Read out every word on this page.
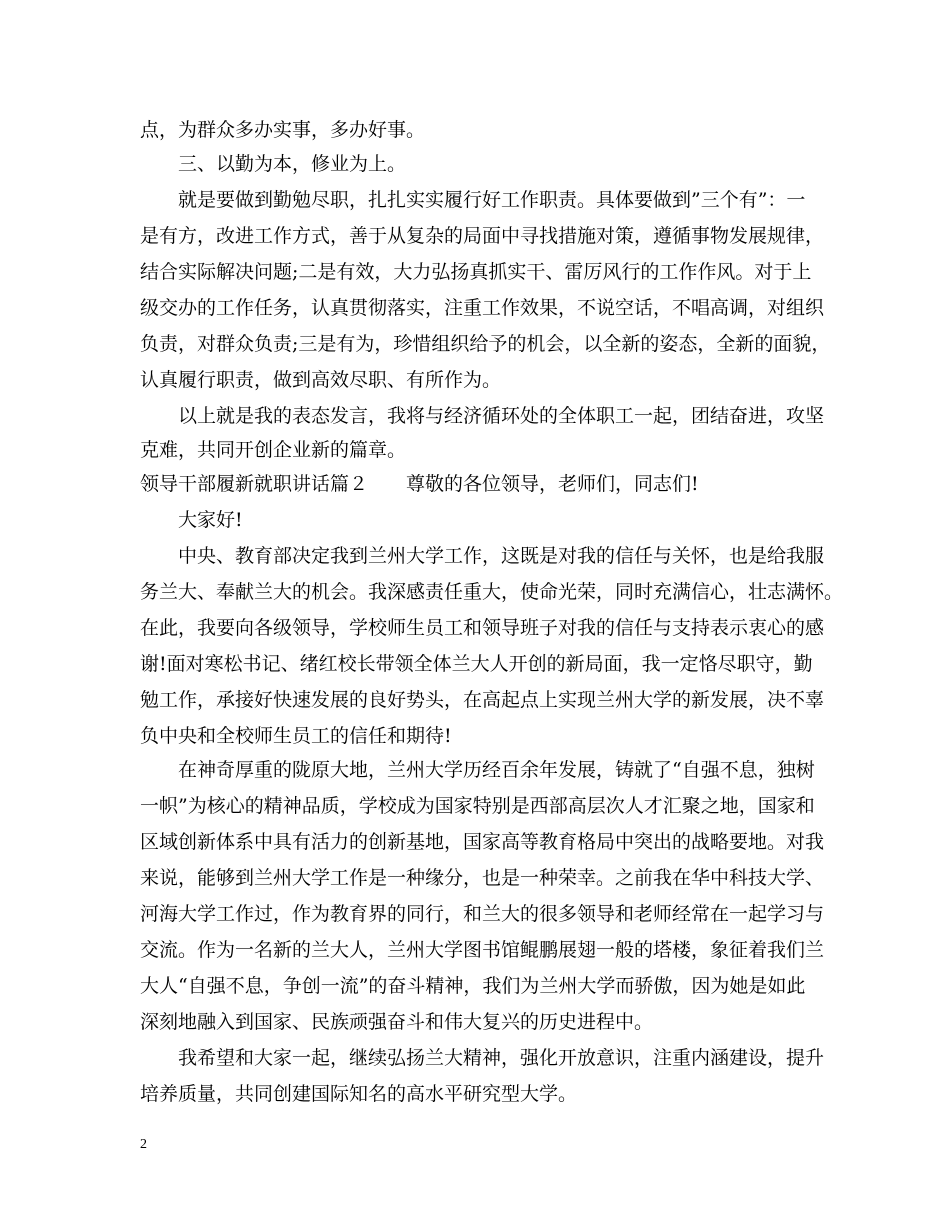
点，为群众多办实事，多办好事。
三、以勤为本，修业为上。
就是要做到勤勉尽职，扎扎实实履行好工作职责。具体要做到”三个有”：一
是有方，改进工作方式，善于从复杂的局面中寻找措施对策，遵循事物发展规律，
结合实际解决问题;二是有效，大力弘扬真抓实干、雷厉风行的工作作风。对于上
级交办的工作任务，认真贯彻落实，注重工作效果，不说空话，不唱高调，对组织
负责，对群众负责;三是有为，珍惜组织给予的机会，以全新的姿态，全新的面貌，
认真履行职责，做到高效尽职、有所作为。
以上就是我的表态发言，我将与经济循环处的全体职工一起，团结奋进，攻坚
克难，共同开创企业新的篇章。
领导干部履新就职讲话篇２　　尊敬的各位领导，老师们，同志们!
大家好!
中央、教育部决定我到兰州大学工作，这既是对我的信任与关怀，也是给我服
务兰大、奉献兰大的机会。我深感责任重大，使命光荣，同时充满信心，壮志满怀。
在此，我要向各级领导，学校师生员工和领导班子对我的信任与支持表示衷心的感
谢!面对寒松书记、绪红校长带领全体兰大人开创的新局面，我一定恪尽职守，勤
勉工作，承接好快速发展的良好势头，在高起点上实现兰州大学的新发展，决不辜
负中央和全校师生员工的信任和期待!
在神奇厚重的陇原大地，兰州大学历经百余年发展，铸就了“自强不息，独树
一帜”为核心的精神品质，学校成为国家特别是西部高层次人才汇聚之地，国家和
区域创新体系中具有活力的创新基地，国家高等教育格局中突出的战略要地。对我
来说，能够到兰州大学工作是一种缘分，也是一种荣幸。之前我在华中科技大学、
河海大学工作过，作为教育界的同行，和兰大的很多领导和老师经常在一起学习与
交流。作为一名新的兰大人，兰州大学图书馆鲲鹏展翅一般的塔楼，象征着我们兰
大人“自强不息，争创一流”的奋斗精神，我们为兰州大学而骄傲，因为她是如此
深刻地融入到国家、民族顽强奋斗和伟大复兴的历史进程中。
我希望和大家一起，继续弘扬兰大精神，强化开放意识，注重内涵建设，提升
培养质量，共同创建国际知名的高水平研究型大学。
2
